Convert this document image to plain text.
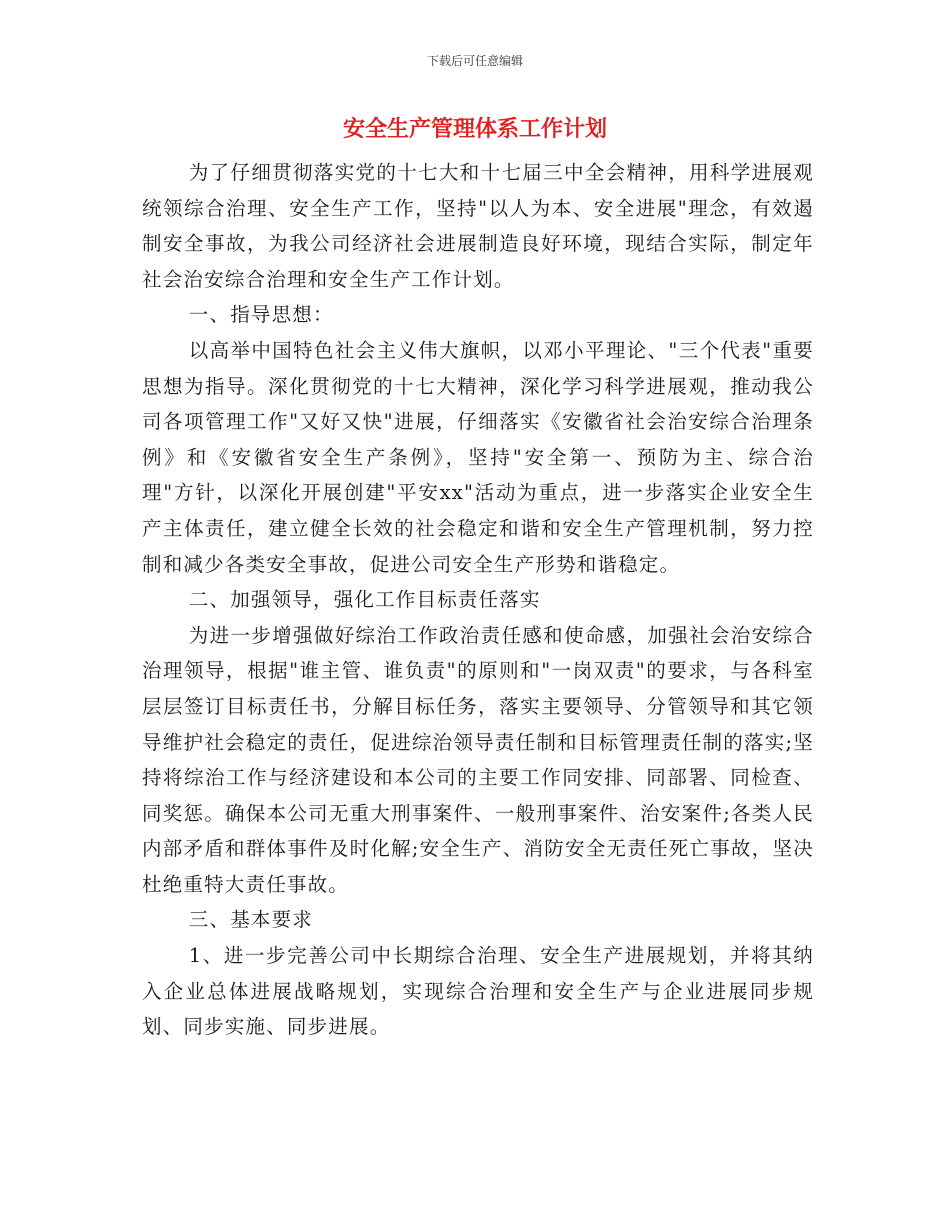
下载后可任意编辑
安全生产管理体系工作计划

为了仔细贯彻落实党的十七大和十七届三中全会精神，用科学进展观统领综合治理、安全生产工作，坚持"以人为本、安全进展"理念，有效遏制安全事故，为我公司经济社会进展制造良好环境，现结合实际，制定年社会治安综合治理和安全生产工作计划。

一、指导思想：

以高举中国特色社会主义伟大旗帜，以邓小平理论、"三个代表"重要思想为指导。深化贯彻党的十七大精神，深化学习科学进展观，推动我公司各项管理工作"又好又快"进展，仔细落实《安徽省社会治安综合治理条例》和《安徽省安全生产条例》，坚持"安全第一、预防为主、综合治理"方针，以深化开展创建"平安xx"活动为重点，进一步落实企业安全生产主体责任，建立健全长效的社会稳定和谐和安全生产管理机制，努力控制和减少各类安全事故，促进公司安全生产形势和谐稳定。

二、加强领导，强化工作目标责任落实

为进一步增强做好综治工作政治责任感和使命感，加强社会治安综合治理领导，根据"谁主管、谁负责"的原则和"一岗双责"的要求，与各科室层层签订目标责任书，分解目标任务，落实主要领导、分管领导和其它领导维护社会稳定的责任，促进综治领导责任制和目标管理责任制的落实;坚持将综治工作与经济建设和本公司的主要工作同安排、同部署、同检查、同奖惩。确保本公司无重大刑事案件、一般刑事案件、治安案件;各类人民内部矛盾和群体事件及时化解;安全生产、消防安全无责任死亡事故，坚决杜绝重特大责任事故。

三、基本要求

1、进一步完善公司中长期综合治理、安全生产进展规划，并将其纳入企业总体进展战略规划，实现综合治理和安全生产与企业进展同步规划、同步实施、同步进展。
